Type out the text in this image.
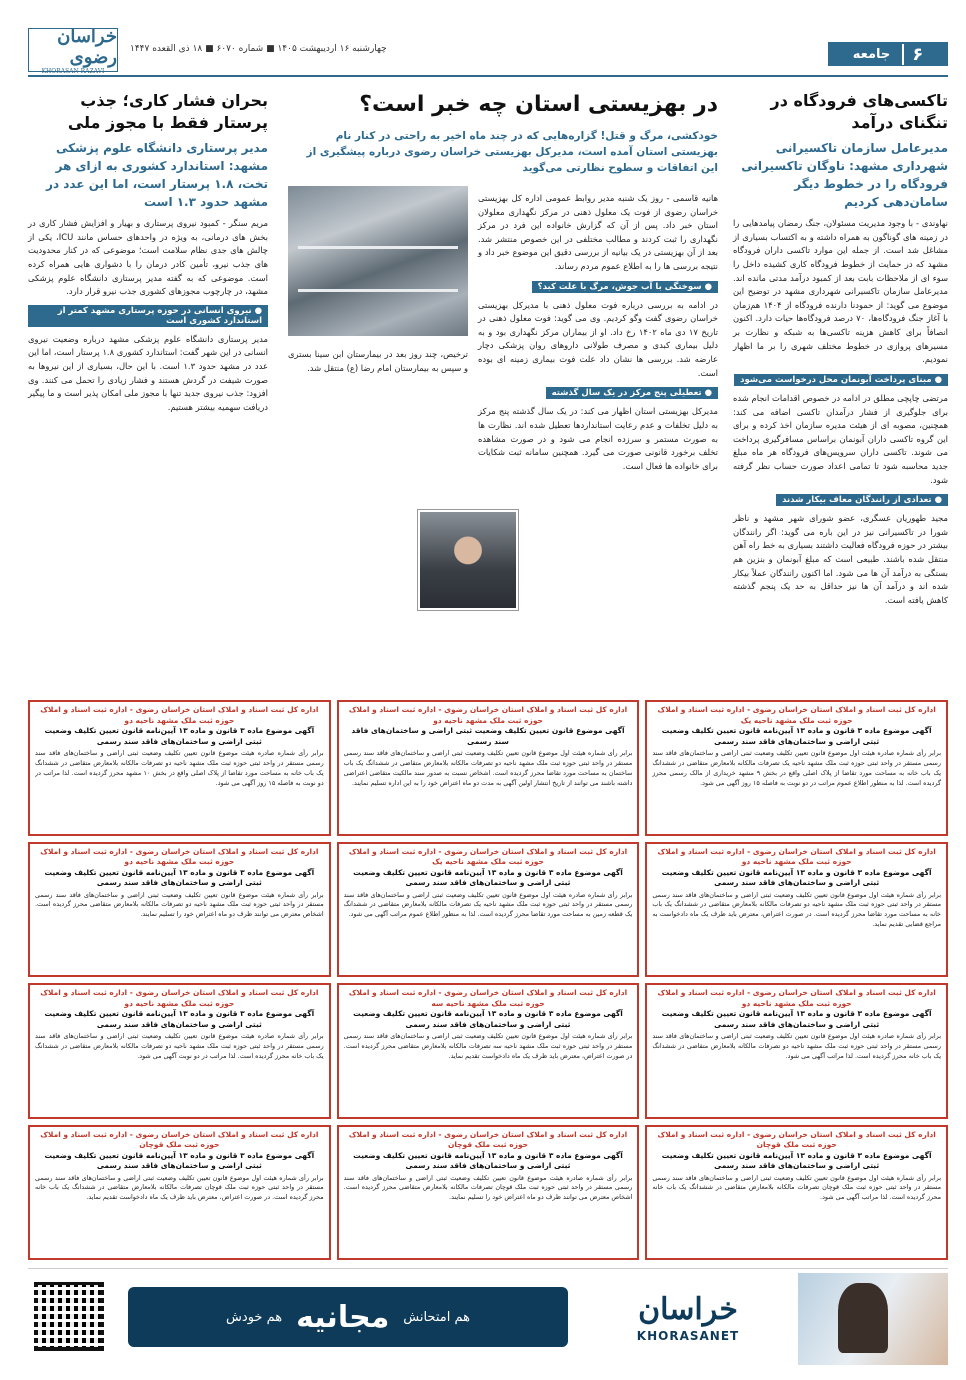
۶
جامعه
خراسان رضوی
KHORASAN RAZAVI
چهارشنبه ۱۶ اردیبهشت ۱۴۰۵ ■ شماره ۶۰۷۰ ■ ۱۸ ذی القعده ۱۴۴۷
تاکسی‌های فرودگاه در تنگنای درآمد
مدیرعامل سازمان تاکسیرانی شهرداری مشهد: ناوگان تاکسیرانی فرودگاه را در خطوط دیگر سامان‌دهی کردیم

نهاوندی - با وجود مدیریت مسئولان، جنگ رمضان پیامدهایی را در زمینه های گوناگون به همراه داشته و به اکتساب بسیاری از مشاغل شد است. از جمله این موارد تاکسی داران فرودگاه مشهد که در حمایت از خطوط فرودگاه کاری کشیده داخل را سوء ای از ملاحظات بابت بعد از کمبود درآمد مدتی مانده اند. مدیرعامل سازمان تاکسیرانی شهرداری مشهد در توضیح این موضوع می گوید: از حمودنا دارنده فرودگاه از ۱۴۰۴ هم‌زمان با آغاز جنگ فرودگاه‌ها، ۷۰ درصد فرودگاه‌ها حیات دارد. اکنون انصافاً برای کاهش هزینه تاکسی‌ها به شبکه و نظارت بر مسیرهای پروازی در خطوط مختلف شهری را بر ما اظهار نمودیم.

● مبنای پرداخت آبونمان محل درخواست می‌شود

مرتضی چاپچی مطلق در ادامه در خصوص اقدامات انجام شده برای جلوگیری از فشار درآمدان تاکسی اضافه می کند: همچنین، مصوبه ای از هیئت مدیره سازمان اخذ کرده و برای این گروه تاکسی داران آبونمان براساس مسافرگیری پرداخت می شوند. تاکسی داران سرویس‌های فرودگاه هر ماه مبلغ جدید محاسبه شود تا تمامی اعداد صورت حساب نظر گرفته شود.

● تعدادی از رانندگان معاف بیکار شدند

مجید طهوریان عسگری، عضو شورای شهر مشهد و ناظر شورا در تاکسیرانی نیز در این باره می گوید: اگر رانندگان بیشتر در حوزه فرودگاه فعالیت داشتند بسیاری به خط راه آهن منتقل شده باشند. طبیعی است که مبلغ آبونمان و بنزین هم بستگی به درآمد آن ها می شود. اما اکنون رانندگان عملاً بیکار شده اند و درآمد آن ها نیز حداقل به حد یک پنجم گذشته کاهش یافته است.

در بهزیستی استان چه خبر است؟
خودکشی، مرگ و قتل! گزاره‌هایی که در چند ماه اخیر به راحتی در کنار نام بهزیستی استان آمده است، مدیرکل بهزیستی خراسان رضوی درباره پیشگیری از این اتفاقات و سطوح نظارتی می‌گوید

هانیه قاسمی - روز یک شنبه مدیر روابط عمومی اداره کل بهزیستی خراسان رضوی از فوت یک معلول ذهنی در مرکز نگهداری معلولان استان خبر داد. پس از آن که گزارش خانواده این فرد در مرکز نگهداری را ثبت کردند و مطالب مختلفی در این خصوص منتشر شد. بعد از آن بهزیستی در یک بیانیه از بررسی دقیق این موضوع خبر داد و نتیجه بررسی ها را به اطلاع عموم مردم رساند.

● سوختگی با آب جوش، مرگ با علت کبد؟

در ادامه به بررسی درباره فوت معلول ذهنی با مدیرکل بهزیستی خراسان رضوی گفت وگو کردیم. وی می گوید: فوت معلول ذهنی در تاریخ ۱۷ دی ماه ۱۴۰۲ رخ داد. او از بیماران مرکز نگهداری بود و به دلیل بیماری کبدی و مصرف طولانی داروهای روان پزشکی دچار عارضه شد. بررسی ها نشان داد علت فوت بیماری زمینه ای بوده است.

● تعطیلی پنج مرکز در یک سال گذشته

مدیرکل بهزیستی استان اظهار می کند: در یک سال گذشته پنج مرکز به دلیل تخلفات و عدم رعایت استانداردها تعطیل شده اند. نظارت ها به صورت مستمر و سرزده انجام می شود و در صورت مشاهده تخلف برخورد قانونی صورت می گیرد. همچنین سامانه ثبت شکایات برای خانواده ها فعال است.

ترخیص، چند روز بعد در بیمارستان ابن سینا بستری و سپس به بیمارستان امام رضا (ع) منتقل شد.

بحران فشار کاری؛ جذب پرستار فقط با مجوز ملی
مدیر پرستاری دانشگاه علوم پزشکی مشهد: استاندارد کشوری به ازای هر تخت، ۱.۸ پرستار است، اما این عدد در مشهد حدود ۱.۳ است

مریم سنگر - کمبود نیروی پرستاری و بهیار و افزایش فشار کاری در بخش های درمانی، به ویژه در واحدهای حساس مانند ICU، یکی از چالش های جدی نظام سلامت است؛ موضوعی که در کنار محدودیت های جذب نیرو، تأمین کادر درمان را با دشواری هایی همراه کرده است. موضوعی که به گفته مدیر پرستاری دانشگاه علوم پزشکی مشهد، در چارچوب مجوزهای کشوری جذب نیرو قرار دارد.

● نیروی انسانی در حوزه پرستاری مشهد کمتر از استاندارد کشوری است

مدیر پرستاری دانشگاه علوم پزشکی مشهد درباره وضعیت نیروی انسانی در این شهر گفت: استاندارد کشوری ۱.۸ پرستار است، اما این عدد در مشهد حدود ۱.۳ است. با این حال، بسیاری از این نیروها به صورت شیفت در گردش هستند و فشار زیادی را تحمل می کنند. وی افزود: جذب نیروی جدید تنها با مجوز ملی امکان پذیر است و ما پیگیر دریافت سهمیه بیشتر هستیم.

اداره کل ثبت اسناد و املاک استان خراسان رضوی - اداره ثبت اسناد و املاک حوزه ثبت ملک مشهد ناحیه یک
آگهی موضوع ماده ۳ قانون و ماده ۱۳ آیین‌نامه قانون تعیین تکلیف وضعیت ثبتی اراضی و ساختمان‌های فاقد سند رسمی
برابر رأی شماره صادره هیئت اول موضوع قانون تعیین تکلیف وضعیت ثبتی اراضی و ساختمان‌های فاقد سند رسمی مستقر در واحد ثبتی حوزه ثبت ملک مشهد ناحیه یک تصرفات مالکانه بلامعارض متقاضی در ششدانگ یک باب خانه به مساحت مورد تقاضا از پلاک اصلی واقع در بخش ۹ مشهد خریداری از مالک رسمی محرز گردیده است. لذا به منظور اطلاع عموم مراتب در دو نوبت به فاصله ۱۵ روز آگهی می شود.
اداره کل ثبت اسناد و املاک استان خراسان رضوی - اداره ثبت اسناد و املاک حوزه ثبت ملک مشهد ناحیه دو
آگهی موضوع قانون تعیین تکلیف وضعیت ثبتی اراضی و ساختمان‌های فاقد سند رسمی
برابر رأی شماره هیئت اول موضوع قانون تعیین تکلیف وضعیت ثبتی اراضی و ساختمان‌های فاقد سند رسمی مستقر در واحد ثبتی حوزه ثبت ملک مشهد ناحیه دو تصرفات مالکانه بلامعارض متقاضی در ششدانگ یک باب ساختمان به مساحت مورد تقاضا محرز گردیده است. اشخاص نسبت به صدور سند مالکیت متقاضی اعتراضی داشته باشند می توانند از تاریخ انتشار اولین آگهی به مدت دو ماه اعتراض خود را به این اداره تسلیم نمایند.
اداره کل ثبت اسناد و املاک استان خراسان رضوی - اداره ثبت اسناد و املاک حوزه ثبت ملک مشهد ناحیه دو
آگهی موضوع ماده ۳ قانون و ماده ۱۳ آیین‌نامه قانون تعیین تکلیف وضعیت ثبتی اراضی و ساختمان‌های فاقد سند رسمی
برابر رأی شماره صادره هیئت موضوع قانون تعیین تکلیف وضعیت ثبتی اراضی و ساختمان‌های فاقد سند رسمی مستقر در واحد ثبتی حوزه ثبت ملک مشهد ناحیه دو تصرفات مالکانه بلامعارض متقاضی در ششدانگ یک باب خانه به مساحت مورد تقاضا از پلاک اصلی واقع در بخش ۱۰ مشهد محرز گردیده است. لذا مراتب در دو نوبت به فاصله ۱۵ روز آگهی می شود.
اداره کل ثبت اسناد و املاک استان خراسان رضوی - اداره ثبت اسناد و املاک حوزه ثبت ملک مشهد ناحیه دو
آگهی موضوع ماده ۳ قانون و ماده ۱۳ آیین‌نامه قانون تعیین تکلیف وضعیت ثبتی اراضی و ساختمان‌های فاقد سند رسمی
برابر رأی شماره هیئت اول موضوع قانون تعیین تکلیف وضعیت ثبتی اراضی و ساختمان‌های فاقد سند رسمی مستقر در واحد ثبتی حوزه ثبت ملک مشهد ناحیه دو تصرفات مالکانه بلامعارض متقاضی در ششدانگ یک باب خانه به مساحت مورد تقاضا محرز گردیده است. در صورت اعتراض، معترض باید ظرف یک ماه دادخواست به مراجع قضایی تقدیم نماید.
اداره کل ثبت اسناد و املاک استان خراسان رضوی - اداره ثبت اسناد و املاک حوزه ثبت ملک مشهد ناحیه یک
آگهی موضوع ماده ۳ قانون و ماده ۱۳ آیین‌نامه قانون تعیین تکلیف وضعیت ثبتی اراضی و ساختمان‌های فاقد سند رسمی
برابر رأی شماره صادره هیئت اول موضوع قانون تعیین تکلیف وضعیت ثبتی اراضی و ساختمان‌های فاقد سند رسمی مستقر در واحد ثبتی حوزه ثبت ملک مشهد ناحیه یک تصرفات مالکانه بلامعارض متقاضی در ششدانگ یک قطعه زمین به مساحت مورد تقاضا محرز گردیده است. لذا به منظور اطلاع عموم مراتب آگهی می شود.
اداره کل ثبت اسناد و املاک استان خراسان رضوی - اداره ثبت اسناد و املاک حوزه ثبت ملک مشهد ناحیه دو
آگهی موضوع ماده ۳ قانون و ماده ۱۳ آیین‌نامه قانون تعیین تکلیف وضعیت ثبتی اراضی و ساختمان‌های فاقد سند رسمی
برابر رأی شماره هیئت موضوع قانون تعیین تکلیف وضعیت ثبتی اراضی و ساختمان‌های فاقد سند رسمی مستقر در واحد ثبتی حوزه ثبت ملک مشهد ناحیه دو تصرفات مالکانه بلامعارض متقاضی محرز گردیده است. اشخاص معترض می توانند ظرف دو ماه اعتراض خود را تسلیم نمایند.
اداره کل ثبت اسناد و املاک استان خراسان رضوی - اداره ثبت اسناد و املاک حوزه ثبت ملک مشهد ناحیه دو
آگهی موضوع ماده ۳ قانون و ماده ۱۳ آیین‌نامه قانون تعیین تکلیف وضعیت ثبتی اراضی و ساختمان‌های فاقد سند رسمی
برابر رأی شماره صادره هیئت اول موضوع قانون تعیین تکلیف وضعیت ثبتی اراضی و ساختمان‌های فاقد سند رسمی مستقر در واحد ثبتی حوزه ثبت ملک مشهد ناحیه دو تصرفات مالکانه بلامعارض متقاضی در ششدانگ یک باب خانه محرز گردیده است. لذا مراتب آگهی می شود.
اداره کل ثبت اسناد و املاک استان خراسان رضوی - اداره ثبت اسناد و املاک حوزه ثبت ملک مشهد ناحیه سه
آگهی موضوع ماده ۳ قانون و ماده ۱۳ آیین‌نامه قانون تعیین تکلیف وضعیت ثبتی اراضی و ساختمان‌های فاقد سند رسمی
برابر رأی شماره هیئت اول موضوع قانون تعیین تکلیف وضعیت ثبتی اراضی و ساختمان‌های فاقد سند رسمی مستقر در واحد ثبتی حوزه ثبت ملک مشهد ناحیه سه تصرفات مالکانه بلامعارض متقاضی محرز گردیده است. در صورت اعتراض، معترض باید ظرف یک ماه دادخواست تقدیم نماید.
اداره کل ثبت اسناد و املاک استان خراسان رضوی - اداره ثبت اسناد و املاک حوزه ثبت ملک مشهد ناحیه دو
آگهی موضوع ماده ۳ قانون و ماده ۱۳ آیین‌نامه قانون تعیین تکلیف وضعیت ثبتی اراضی و ساختمان‌های فاقد سند رسمی
برابر رأی شماره صادره هیئت موضوع قانون تعیین تکلیف وضعیت ثبتی اراضی و ساختمان‌های فاقد سند رسمی مستقر در واحد ثبتی حوزه ثبت ملک مشهد ناحیه دو تصرفات مالکانه بلامعارض متقاضی در ششدانگ یک باب خانه محرز گردیده است. لذا مراتب در دو نوبت آگهی می شود.
اداره کل ثبت اسناد و املاک استان خراسان رضوی - اداره ثبت اسناد و املاک حوزه ثبت ملک قوچان
آگهی موضوع ماده ۳ قانون و ماده ۱۳ آیین‌نامه قانون تعیین تکلیف وضعیت ثبتی اراضی و ساختمان‌های فاقد سند رسمی
برابر رأی شماره هیئت اول موضوع قانون تعیین تکلیف وضعیت ثبتی اراضی و ساختمان‌های فاقد سند رسمی مستقر در واحد ثبتی حوزه ثبت ملک قوچان تصرفات مالکانه بلامعارض متقاضی در ششدانگ یک باب خانه محرز گردیده است. لذا مراتب آگهی می شود.
اداره کل ثبت اسناد و املاک استان خراسان رضوی - اداره ثبت اسناد و املاک حوزه ثبت ملک قوچان
آگهی موضوع ماده ۳ قانون و ماده ۱۳ آیین‌نامه قانون تعیین تکلیف وضعیت ثبتی اراضی و ساختمان‌های فاقد سند رسمی
برابر رأی شماره صادره هیئت موضوع قانون تعیین تکلیف وضعیت ثبتی اراضی و ساختمان‌های فاقد سند رسمی مستقر در واحد ثبتی حوزه ثبت ملک قوچان تصرفات مالکانه بلامعارض متقاضی محرز گردیده است. اشخاص معترض می توانند ظرف دو ماه اعتراض خود را تسلیم نمایند.
اداره کل ثبت اسناد و املاک استان خراسان رضوی - اداره ثبت اسناد و املاک حوزه ثبت ملک قوچان
آگهی موضوع ماده ۳ قانون و ماده ۱۳ آیین‌نامه قانون تعیین تکلیف وضعیت ثبتی اراضی و ساختمان‌های فاقد سند رسمی
برابر رأی شماره هیئت اول موضوع قانون تعیین تکلیف وضعیت ثبتی اراضی و ساختمان‌های فاقد سند رسمی مستقر در واحد ثبتی حوزه ثبت ملک قوچان تصرفات مالکانه بلامعارض متقاضی در ششدانگ یک باب خانه محرز گردیده است. در صورت اعتراض، معترض باید ظرف یک ماه دادخواست تقدیم نماید.
هم امتحانش
مجانیه
هم خودش	خراسان
KHORASANET
